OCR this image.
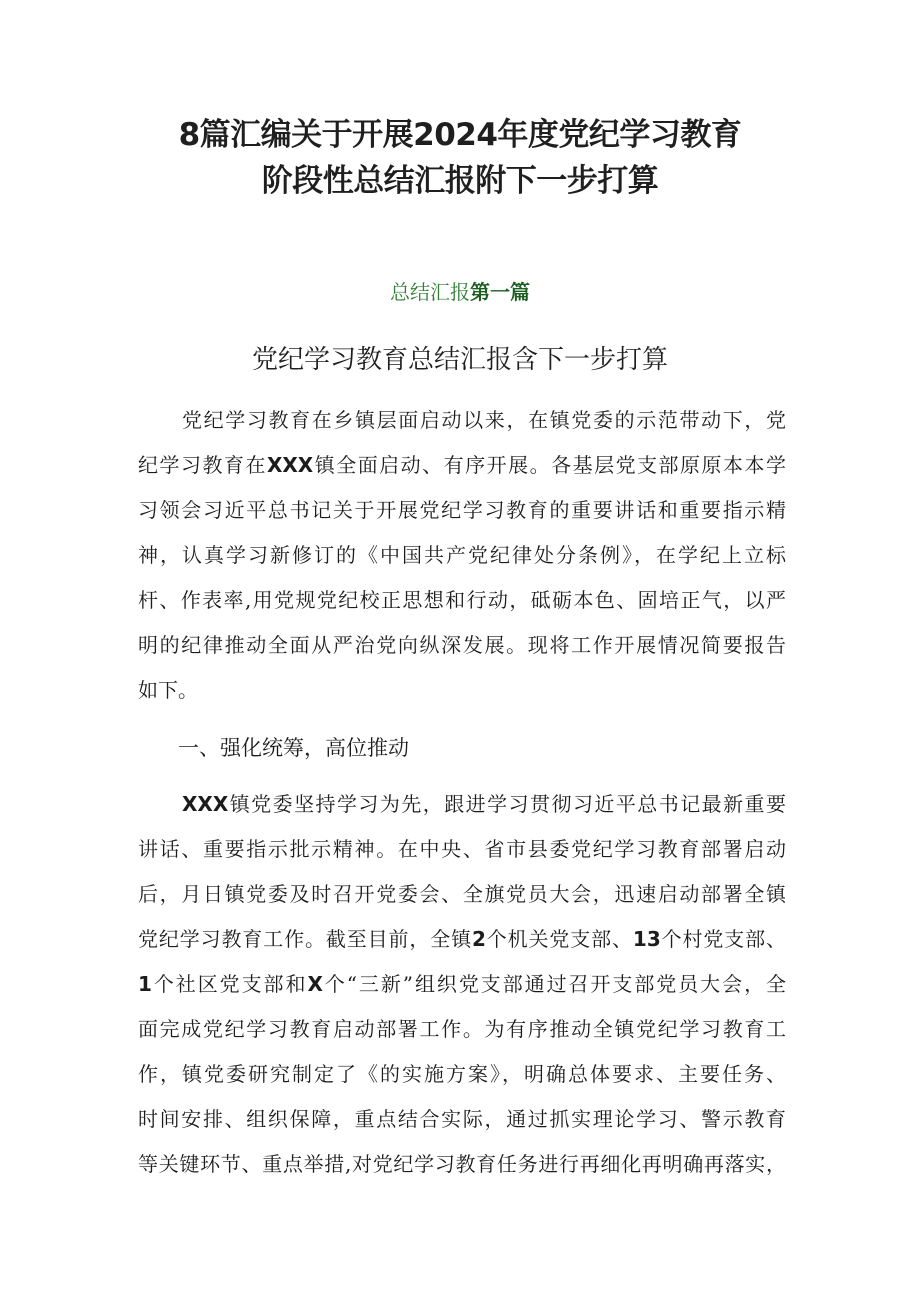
8篇汇编关于开展2024年度党纪学习教育
阶段性总结汇报附下一步打算
总结汇报第一篇
党纪学习教育总结汇报含下一步打算
党纪学习教育在乡镇层面启动以来，在镇党委的示范带动下，党
纪学习教育在XXX镇全面启动、有序开展。各基层党支部原原本本学
习领会习近平总书记关于开展党纪学习教育的重要讲话和重要指示精
神，认真学习新修订的《中国共产党纪律处分条例》，在学纪上立标
杆、作表率,用党规党纪校正思想和行动，砥砺本色、固培正气，以严
明的纪律推动全面从严治党向纵深发展。现将工作开展情况简要报告
如下。
一、强化统筹，高位推动
XXX镇党委坚持学习为先，跟进学习贯彻习近平总书记最新重要
讲话、重要指示批示精神。在中央、省市县委党纪学习教育部署启动
后，月日镇党委及时召开党委会、全旗党员大会，迅速启动部署全镇
党纪学习教育工作。截至目前，全镇2个机关党支部、13个村党支部、
1个社区党支部和X个“三新”组织党支部通过召开支部党员大会，全
面完成党纪学习教育启动部署工作。为有序推动全镇党纪学习教育工
作，镇党委研究制定了《的实施方案》，明确总体要求、主要任务、
时间安排、组织保障，重点结合实际，通过抓实理论学习、警示教育
等关键环节、重点举措,对党纪学习教育任务进行再细化再明确再落实，
